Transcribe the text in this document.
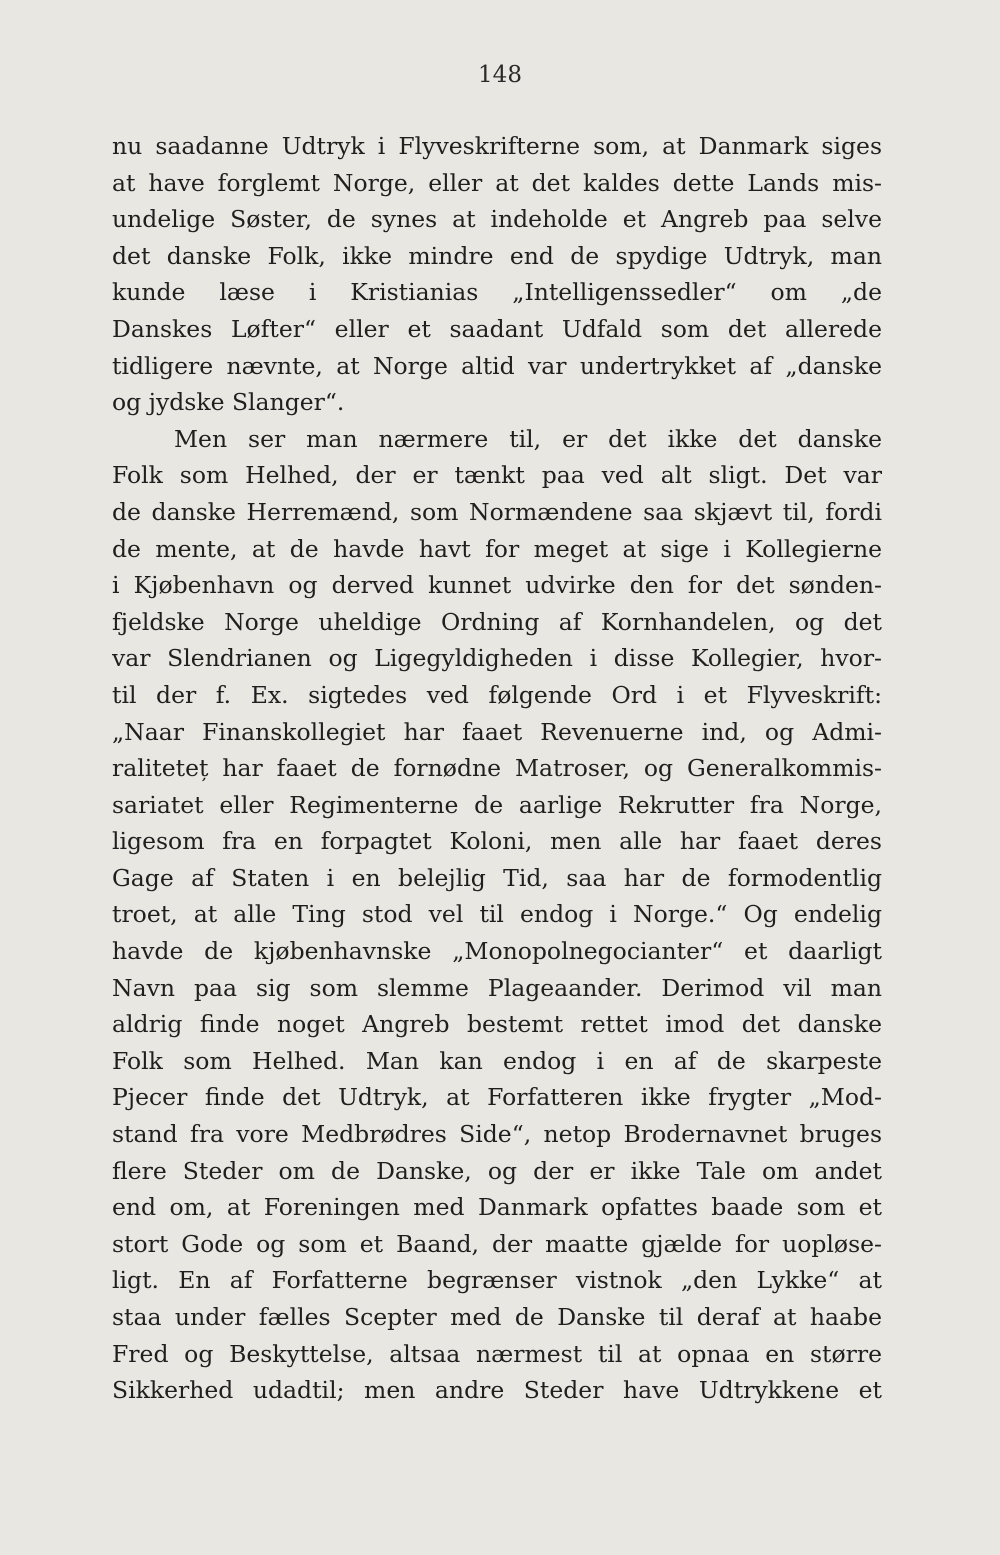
148
nu saadanne Udtryk i Flyveskrifterne som, at Danmark siges
at have forglemt Norge, eller at det kaldes dette Lands mis-
undelige Søster, de synes at indeholde et Angreb paa selve
det danske Folk, ikke mindre end de spydige Udtryk, man
kunde læse i Kristianias „Intelligenssedler“ om „de
Danskes Løfter“ eller et saadant Udfald som det allerede
tidligere nævnte, at Norge altid var undertrykket af „danske
og jydske Slanger“.
Men ser man nærmere til, er det ikke det danske
Folk som Helhed, der er tænkt paa ved alt sligt. Det var
de danske Herremænd, som Normændene saa skjævt til, fordi
de mente, at de havde havt for meget at sige i Kollegierne
i Kjøbenhavn og derved kunnet udvirke den for det sønden-
fjeldske Norge uheldige Ordning af Kornhandelen, og det
var Slendrianen og Ligegyldigheden i disse Kollegier, hvor-
til der f. Ex. sigtedes ved følgende Ord i et Flyveskrift:
„Naar Finanskollegiet har faaet Revenuerne ind, og Admi-
raliteteț har faaet de fornødne Matroser, og Generalkommis-
sariatet eller Regimenterne de aarlige Rekrutter fra Norge,
ligesom fra en forpagtet Koloni, men alle har faaet deres
Gage af Staten i en belejlig Tid, saa har de formodentlig
troet, at alle Ting stod vel til endog i Norge.“ Og endelig
havde de kjøbenhavnske „Monopolnegocianter“ et daarligt
Navn paa sig som slemme Plageaander. Derimod vil man
aldrig finde noget Angreb bestemt rettet imod det danske
Folk som Helhed. Man kan endog i en af de skarpeste
Pjecer finde det Udtryk, at Forfatteren ikke frygter „Mod-
stand fra vore Medbrødres Side“, netop Brodernavnet bruges
flere Steder om de Danske, og der er ikke Tale om andet
end om, at Foreningen med Danmark opfattes baade som et
stort Gode og som et Baand, der maatte gjælde for uopløse-
ligt. En af Forfatterne begrænser vistnok „den Lykke“ at
staa under fælles Scepter med de Danske til deraf at haabe
Fred og Beskyttelse, altsaa nærmest til at opnaa en større
Sikkerhed udadtil; men andre Steder have Udtrykkene et
